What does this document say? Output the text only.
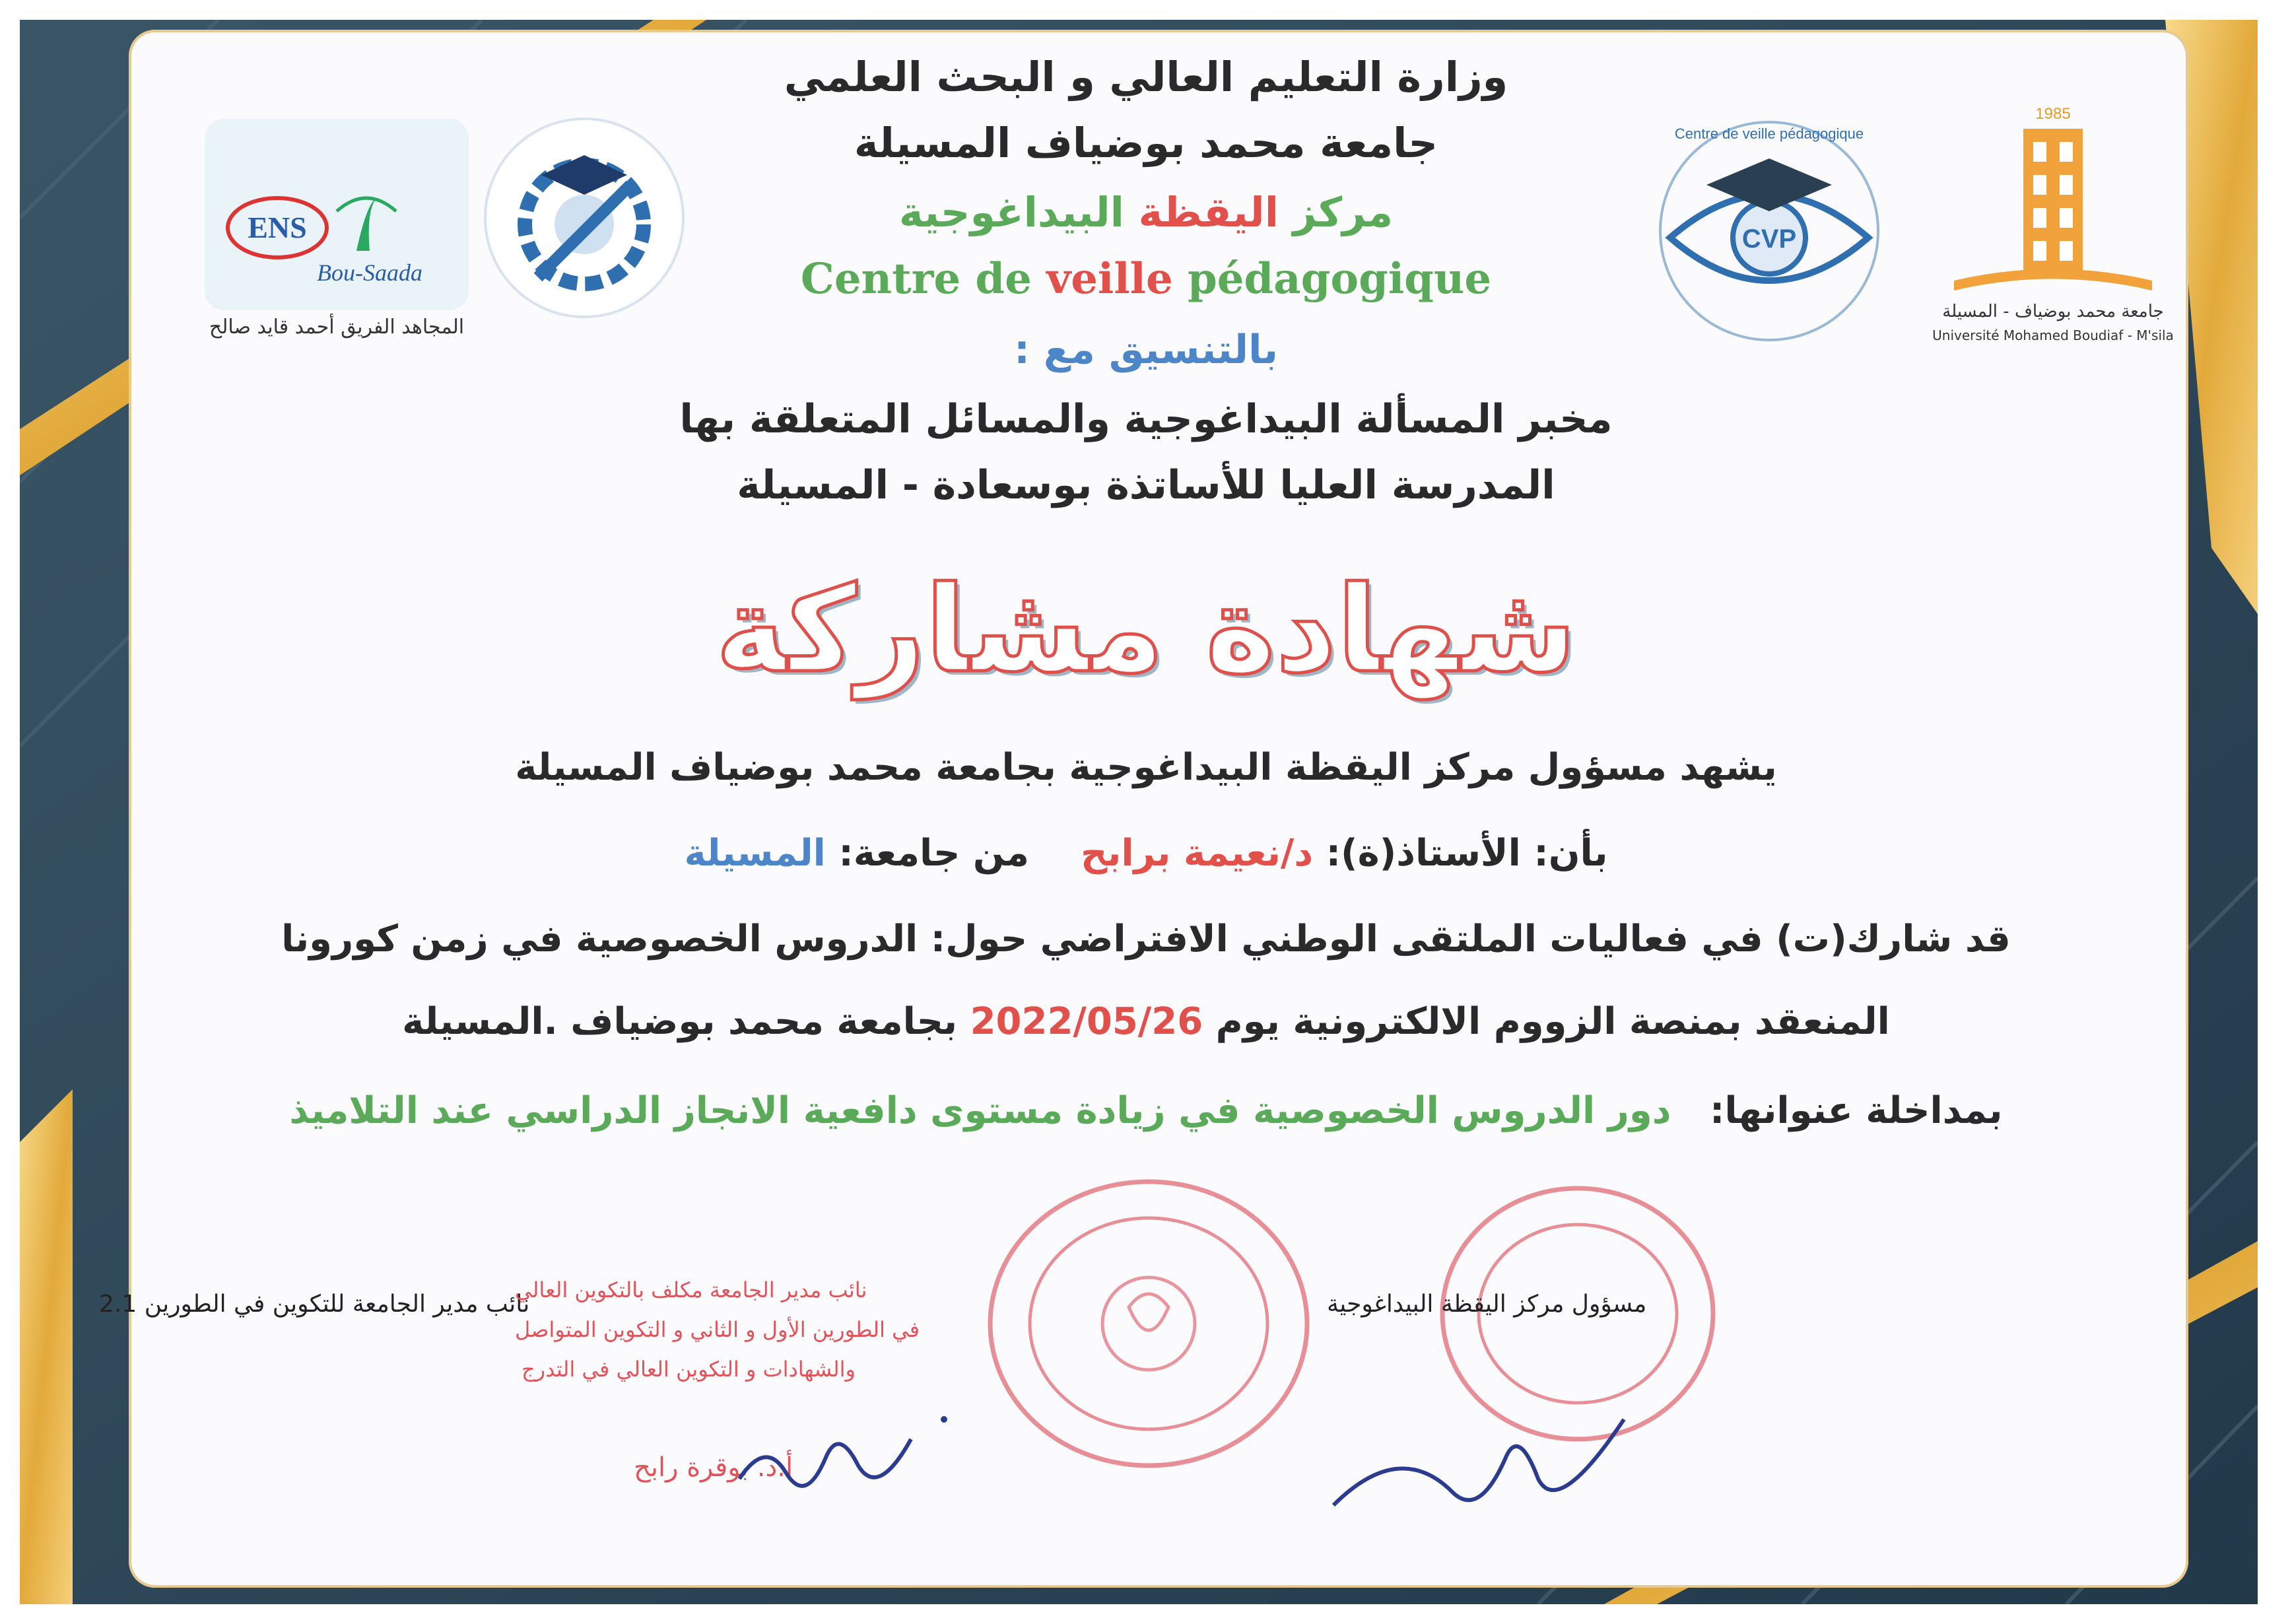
ENS
Bou-Saada
المجاهد الفريق أحمد قايد صالح
CVP
Centre de veille pédagogique
1985
جامعة محمد بوضياف - المسيلة
Université Mohamed Boudiaf - M'sila

وزارة التعليم العالي و البحث العلمي

جامعة محمد بوضياف المسيلة

مركز اليقظة البيداغوجية

Centre de veille pédagogique

بالتنسيق مع :

مخبر المسألة البيداغوجية والمسائل المتعلقة بها

المدرسة العليا للأساتذة بوسعادة - المسيلة

شهادة مشاركة

يشهد مسؤول مركز اليقظة البيداغوجية بجامعة محمد بوضياف المسيلة

بأن: الأستاذ(ة): د/نعيمة برابح    من جامعة: المسيلة

قد شارك(ت) في فعاليات الملتقى الوطني الافتراضي حول: الدروس الخصوصية في زمن كورونا

المنعقد بمنصة الزووم الالكترونية يوم 2022/05/26 بجامعة محمد بوضياف .المسيلة

بمداخلة عنوانها:   دور الدروس الخصوصية في زيادة مستوى دافعية الانجاز الدراسي عند التلاميذ

مسؤول مركز اليقظة البيداغوجية
نائب مدير الجامعة للتكوين في الطورين 2.1
نائب مدير الجامعة مكلف بالتكوين العالي
في الطورين الأول و الثاني و التكوين المتواصل
والشهادات و التكوين العالي في التدرج
أ.د. بوقرة رابح
